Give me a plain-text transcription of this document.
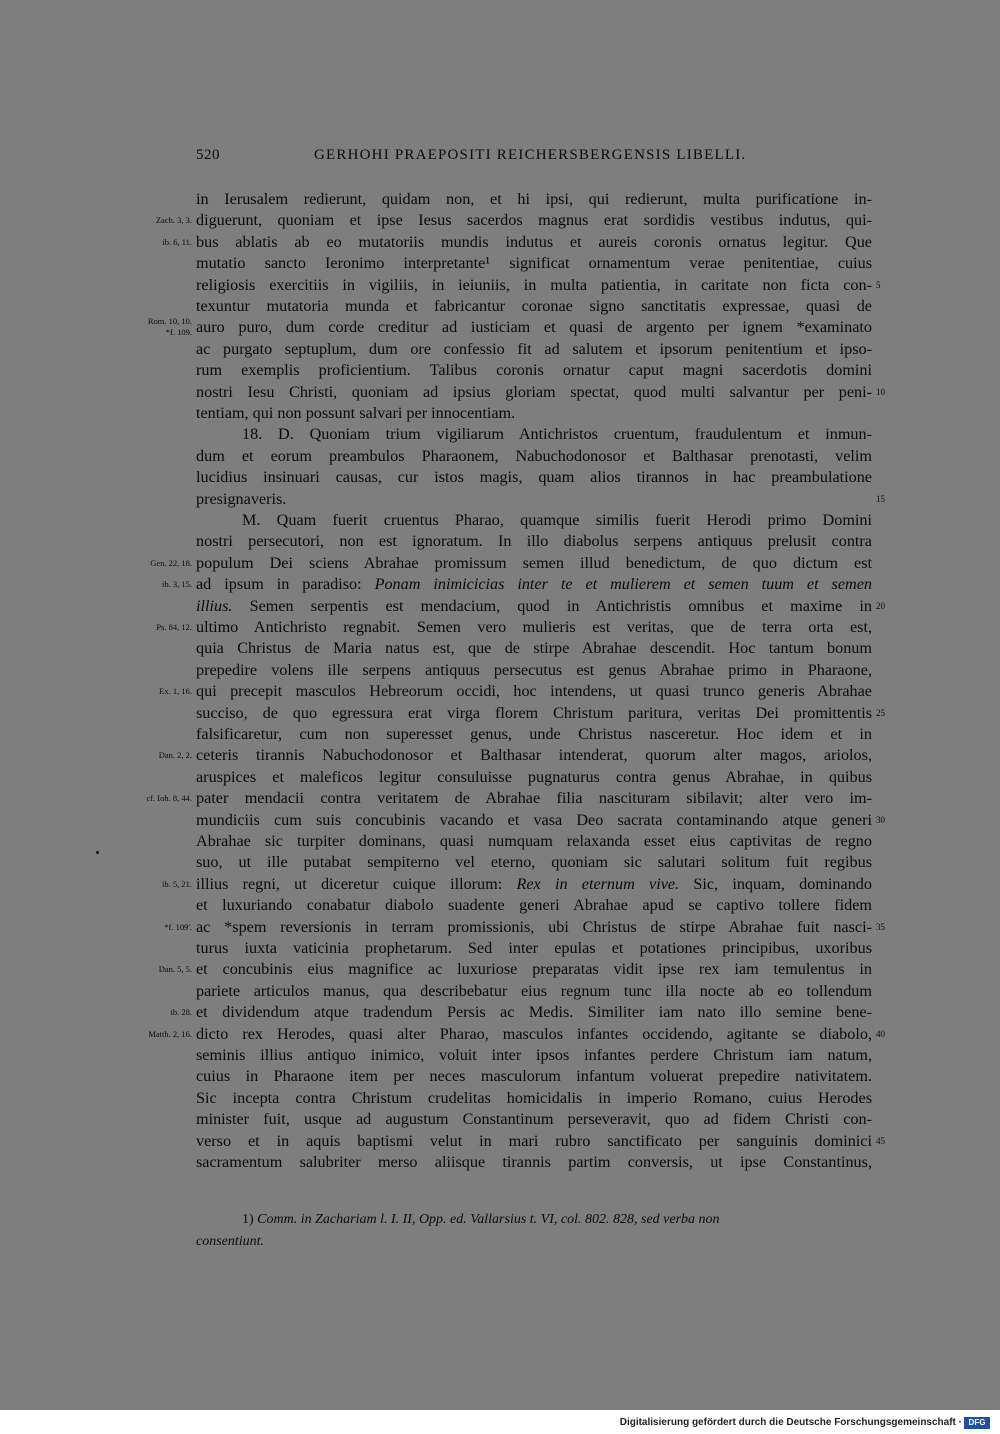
520	GERHOHI PRAEPOSITI REICHERSBERGENSIS LIBELLI.
in Ierusalem redierunt, quidam non, et hi ipsi, qui redierunt, multa purificatione in-
diguerunt, quoniam et ipse Iesus sacerdos magnus erat sordidis vestibus indutus, qui-
bus ablatis ab eo mutatoriis mundis indutus et aureis coronis ornatus legitur. Que
mutatio sancto Ieronimo interpretante¹ significat ornamentum verae penitentiae, cuius
religiosis exercitiis in vigiliis, in ieiuniis, in multa patientia, in caritate non ficta con-
texuntur mutatoria munda et fabricantur coronae signo sanctitatis expressae, quasi de
auro puro, dum corde creditur ad iusticiam et quasi de argento per ignem *examinato
ac purgato septuplum, dum ore confessio fit ad salutem et ipsorum penitentium et ipso-
rum exemplis proficientium. Talibus coronis ornatur caput magni sacerdotis domini
nostri Iesu Christi, quoniam ad ipsius gloriam spectat, quod multi salvantur per peni-
tentiam, qui non possunt salvari per innocentiam.
18. D. Quoniam trium vigiliarum Antichristos cruentum, fraudulentum et inmun-
dum et eorum preambulos Pharaonem, Nabuchodonosor et Balthasar prenotasti, velim
lucidius insinuari causas, cur istos magis, quam alios tirannos in hac preambulatione
presignaveris.
M. Quam fuerit cruentus Pharao, quamque similis fuerit Herodi primo Domini
nostri persecutori, non est ignoratum. In illo diabolus serpens antiquus prelusit contra
populum Dei sciens Abrahae promissum semen illud benedictum, de quo dictum est
ad ipsum in paradiso: Ponam inimicicias inter te et mulierem et semen tuum et semen
illius. Semen serpentis est mendacium, quod in Antichristis omnibus et maxime in
ultimo Antichristo regnabit. Semen vero mulieris est veritas, que de terra orta est,
quia Christus de Maria natus est, que de stirpe Abrahae descendit. Hoc tantum bonum
prepedire volens ille serpens antiquus persecutus est genus Abrahae primo in Pharaone,
qui precepit masculos Hebreorum occidi, hoc intendens, ut quasi trunco generis Abrahae
succiso, de quo egressura erat virga florem Christum paritura, veritas Dei promittentis
falsificaretur, cum non superesset genus, unde Christus nasceretur. Hoc idem et in
ceteris tirannis Nabuchodonosor et Balthasar intenderat, quorum alter magos, ariolos,
aruspices et maleficos legitur consuluisse pugnaturus contra genus Abrahae, in quibus
pater mendacii contra veritatem de Abrahae filia nascituram sibilavit; alter vero im-
mundiciis cum suis concubinis vacando et vasa Deo sacrata contaminando atque generi
Abrahae sic turpiter dominans, quasi numquam relaxanda esset eius captivitas de regno
suo, ut ille putabat sempiterno vel eterno, quoniam sic salutari solitum fuit regibus
illius regni, ut diceretur cuique illorum: Rex in eternum vive. Sic, inquam, dominando
et luxuriando conabatur diabolo suadente generi Abrahae apud se captivo tollere fidem
ac *spem reversionis in terram promissionis, ubi Christus de stirpe Abrahae fuit nasci-
turus iuxta vaticinia prophetarum. Sed inter epulas et potationes principibus, uxoribus
et concubinis eius magnifice ac luxuriose preparatas vidit ipse rex iam temulentus in
pariete articulos manus, qua describebatur eius regnum tunc illa nocte ab eo tollendum
et dividendum atque tradendum Persis ac Medis. Similiter iam nato illo semine bene-
dicto rex Herodes, quasi alter Pharao, masculos infantes occidendo, agitante se diabolo,
seminis illius antiquo inimico, voluit inter ipsos infantes perdere Christum iam natum,
cuius in Pharaone item per neces masculorum infantum voluerat prepedire nativitatem.
Sic incepta contra Christum crudelitas homicidalis in imperio Romano, cuius Herodes
minister fuit, usque ad augustum Constantinum perseveravit, quo ad fidem Christi con-
verso et in aquis baptismi velut in mari rubro sanctificato per sanguinis dominici
sacramentum salubriter merso aliisque tirannis partim conversis, ut ipse Constantinus,
Zach. 3, 3.
ib. 6, 11.
Rom. 10, 10.
*f. 109.
Gen. 22, 18.
ib. 3, 15.
Ps. 84, 12.
Ex. 1, 16.
Dan. 2, 2.
cf. Ioh. 8, 44.
ib. 5, 21.
*f. 109'.
Dan. 5, 5.
ib. 28.
Matth. 2, 16.
5
10
15
20
25
30
35
40
45
1) Comm. in Zachariam l. I. II, Opp. ed. Vallarsius t. VI, col. 802. 828, sed verba non
consentiunt.
Digitalisierung gefördert durch die Deutsche Forschungsgemeinschaft · DFG
